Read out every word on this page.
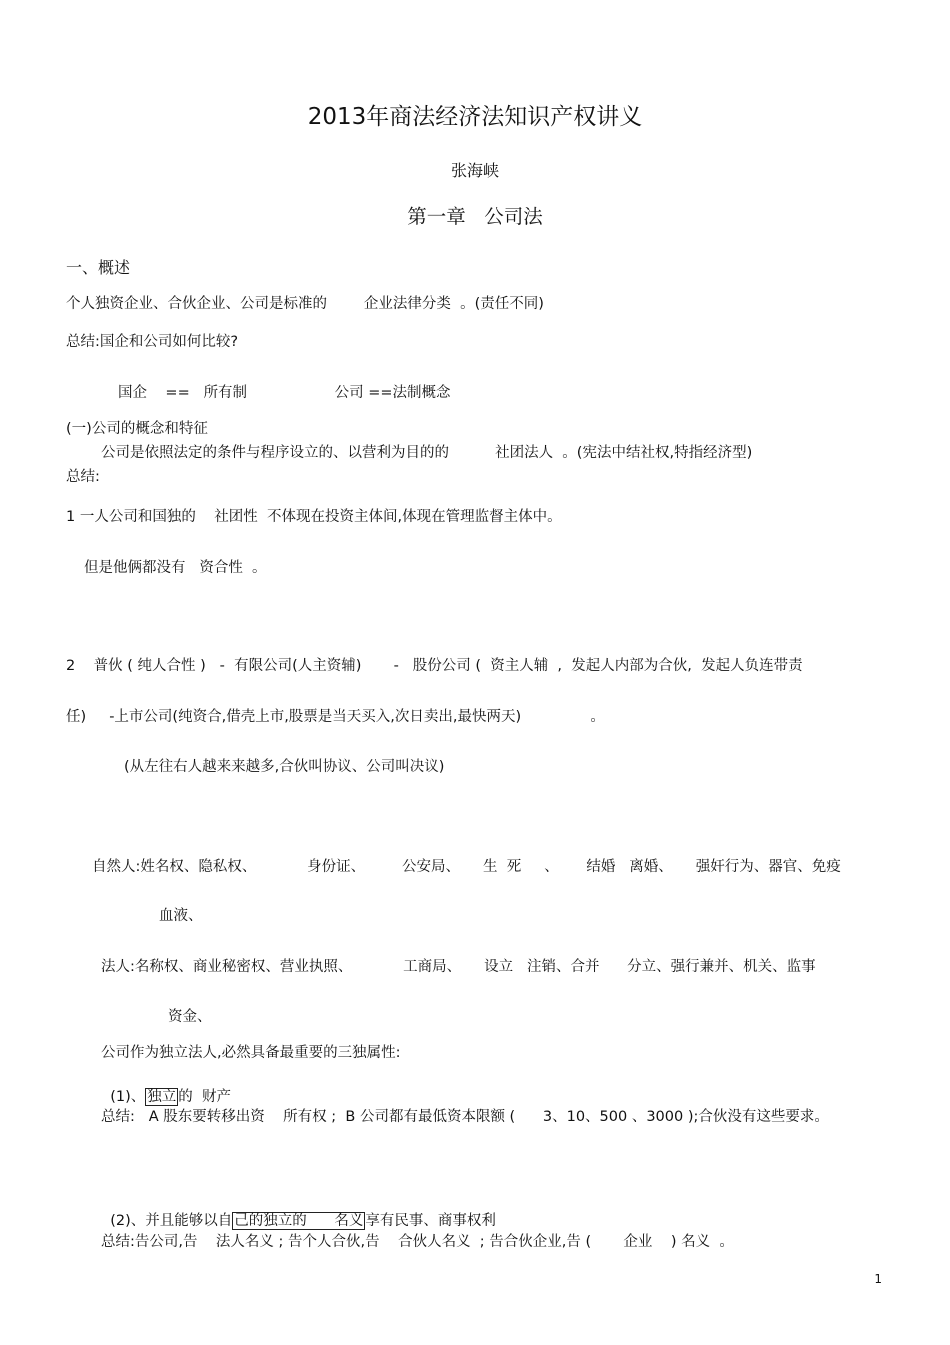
2013年商法经济法知识产权讲义
张海峡
第一章   公司法
一、概述
个人独资企业、合伙企业、公司是标准的        企业法律分类  。(责任不同)
总结:国企和公司如何比较?
国企    ==   所有制                   公司 ==法制概念
(一)公司的概念和特征
公司是依照法定的条件与程序设立的、以营利为目的的          社团法人  。(宪法中结社权,特指经济型)
总结:
1 一人公司和国独的    社团性  不体现在投资主体间,体现在管理监督主体中。
但是他俩都没有   资合性  。
2    普伙 ( 纯人合性 )   -  有限公司(人主资辅)       -   股份公司 (  资主人辅  ,  发起人内部为合伙,  发起人负连带责
任)     -上市公司(纯资合,借壳上市,股票是当天买入,次日卖出,最快两天)               。
(从左往右人越来来越多,合伙叫协议、公司叫决议)
自然人:姓名权、隐私权、           身份证、        公安局、     生  死     、      结婚   离婚、     强奸行为、器官、免疫
血液、
法人:名称权、商业秘密权、营业执照、           工商局、     设立   注销、合并      分立、强行兼并、机关、监事
资金、
公司作为独立法人,必然具备最重要的三独属性:

(1)、 独立 的  财产

总结:   A 股东要转移出资    所有权 ;  B 公司都有最低资本限额 (      3、10、500 、3000 );合伙没有这些要求。

(2)、并且能够以自 己的独立的      名义 享有民事、商事权利

总结:告公司,告    法人名义 ; 告个人合伙,告    合伙人名义  ; 告合伙企业,告 (       企业    ) 名义  。
1
